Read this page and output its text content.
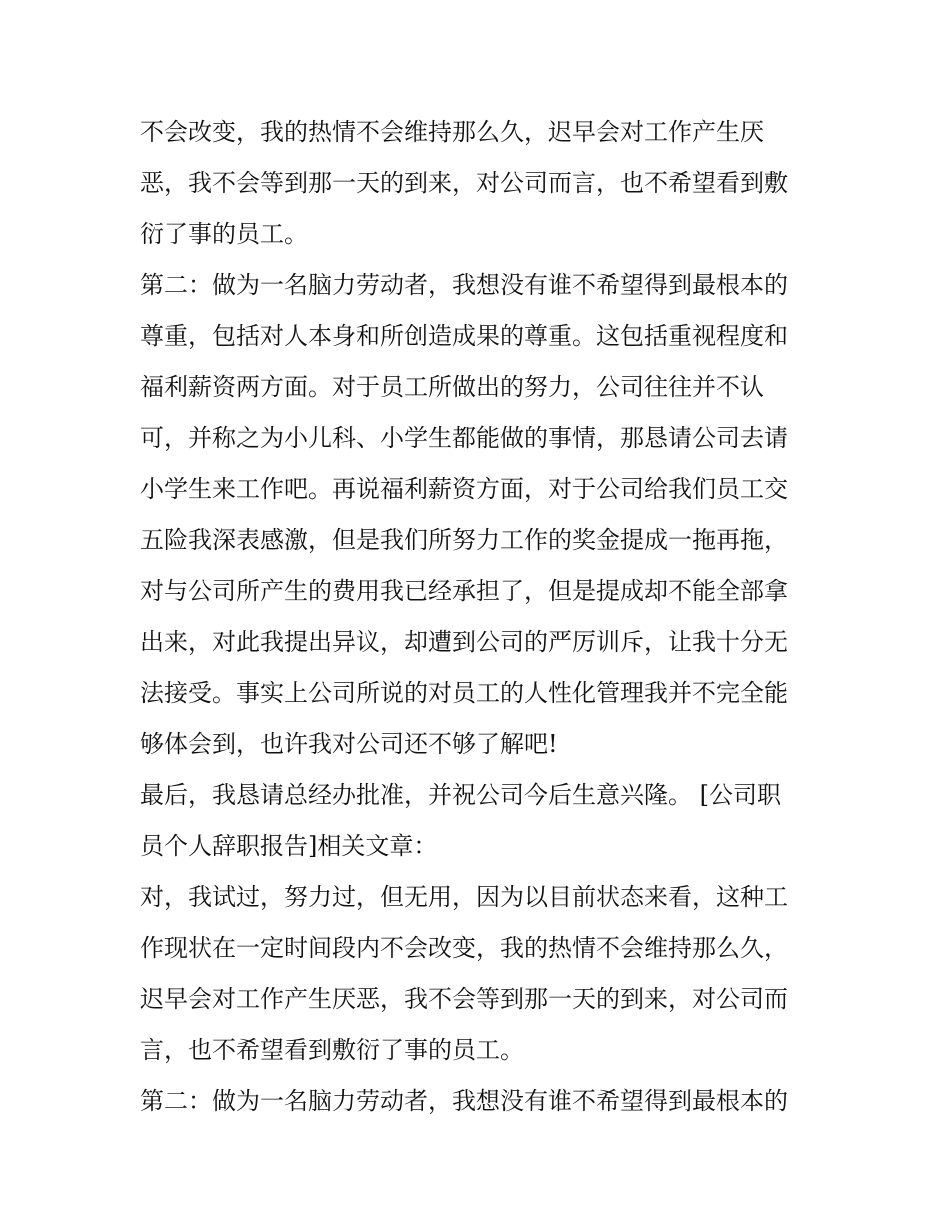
不会改变，我的热情不会维持那么久，迟早会对工作产生厌
恶，我不会等到那一天的到来，对公司而言，也不希望看到敷
衍了事的员工。
第二：做为一名脑力劳动者，我想没有谁不希望得到最根本的
尊重，包括对人本身和所创造成果的尊重。这包括重视程度和
福利薪资两方面。对于员工所做出的努力，公司往往并不认
可，并称之为小儿科、小学生都能做的事情，那恳请公司去请
小学生来工作吧。再说福利薪资方面，对于公司给我们员工交
五险我深表感激，但是我们所努力工作的奖金提成一拖再拖，
对与公司所产生的费用我已经承担了，但是提成却不能全部拿
出来，对此我提出异议，却遭到公司的严厉训斥，让我十分无
法接受。事实上公司所说的对员工的人性化管理我并不完全能
够体会到，也许我对公司还不够了解吧!
最后，我恳请总经办批准，并祝公司今后生意兴隆。 [公司职
员个人辞职报告]相关文章：
对，我试过，努力过，但无用，因为以目前状态来看，这种工
作现状在一定时间段内不会改变，我的热情不会维持那么久，
迟早会对工作产生厌恶，我不会等到那一天的到来，对公司而
言，也不希望看到敷衍了事的员工。
第二：做为一名脑力劳动者，我想没有谁不希望得到最根本的
